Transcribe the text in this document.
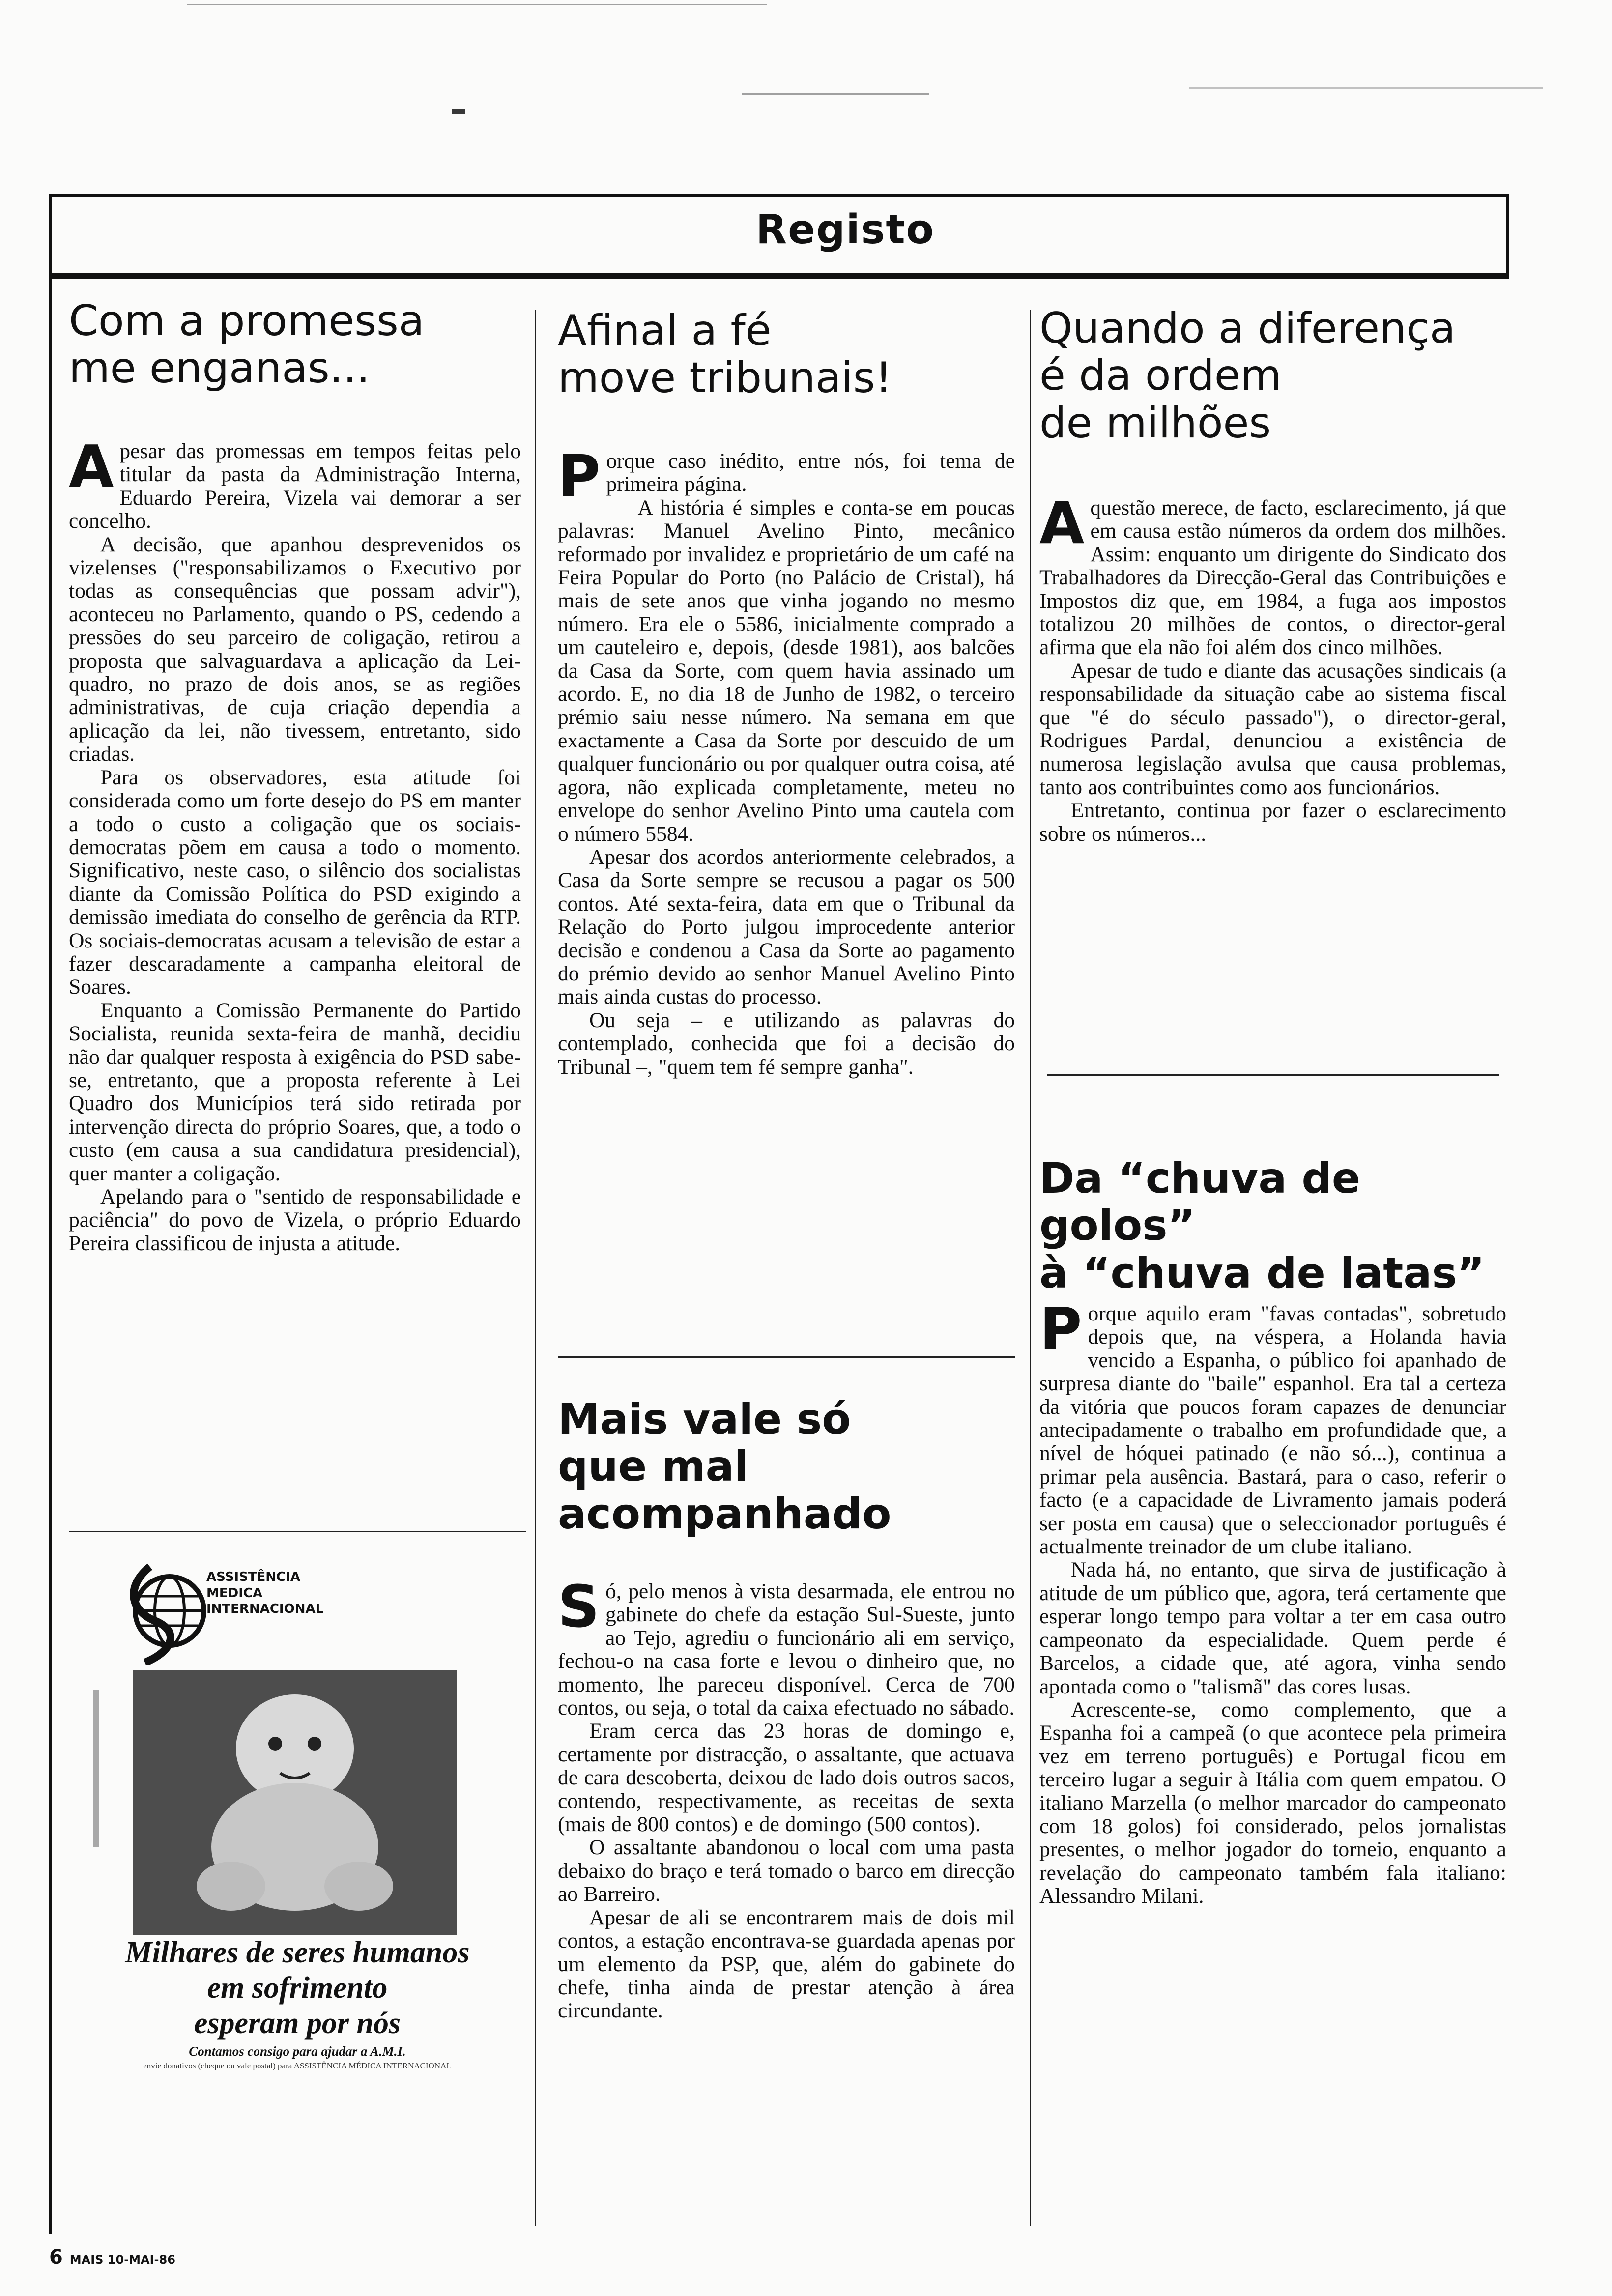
Registo
Com a promessa
me enganas...

Apesar das promessas em tempos feitas pelo titular da pasta da Administração Interna, Eduardo Pereira, Vizela vai demorar a ser concelho.

A decisão, que apanhou desprevenidos os vizelenses ("responsabilizamos o Executivo por todas as consequências que possam advir"), aconteceu no Parlamento, quando o PS, cedendo a pressões do seu parceiro de coligação, retirou a proposta que salvaguardava a aplicação da Lei-quadro, no prazo de dois anos, se as regiões administrativas, de cuja criação dependia a aplicação da lei, não tivessem, entretanto, sido criadas.

Para os observadores, esta atitude foi considerada como um forte desejo do PS em manter a todo o custo a coligação que os sociais-democratas põem em causa a todo o momento. Significativo, neste caso, o silêncio dos socialistas diante da Comissão Política do PSD exigindo a demissão imediata do conselho de gerência da RTP. Os sociais-democratas acusam a televisão de estar a fazer descaradamente a campanha eleitoral de Soares.

Enquanto a Comissão Permanente do Partido Socialista, reunida sexta-feira de manhã, decidiu não dar qualquer resposta à exigência do PSD sabe-se, entretanto, que a proposta referente à Lei Quadro dos Municípios terá sido retirada por intervenção directa do próprio Soares, que, a todo o custo (em causa a sua candidatura presidencial), quer manter a coligação.

Apelando para o "sentido de responsabilidade e paciência" do povo de Vizela, o próprio Eduardo Pereira classificou de injusta a atitude.

ASSISTÊNCIA
MEDICA
INTERNACIONAL
Milhares de seres humanos
em sofrimento
esperam por nós
Contamos consigo para ajudar a A.M.I.
envie donativos (cheque ou vale postal) para ASSISTÊNCIA MÉDICA INTERNACIONAL
Afinal a fé
move tribunais!

Porque caso inédito, entre nós, foi tema de primeira página.

A história é simples e conta-se em poucas palavras: Manuel Avelino Pinto, mecânico reformado por invalidez e proprietário de um café na Feira Popular do Porto (no Palácio de Cristal), há mais de sete anos que vinha jogando no mesmo número. Era ele o 5586, inicialmente comprado a um cauteleiro e, depois, (desde 1981), aos balcões da Casa da Sorte, com quem havia assinado um acordo. E, no dia 18 de Junho de 1982, o terceiro prémio saiu nesse número. Na semana em que exactamente a Casa da Sorte por descuido de um qualquer funcionário ou por qualquer outra coisa, até agora, não explicada completamente, meteu no envelope do senhor Avelino Pinto uma cautela com o número 5584.

Apesar dos acordos anteriormente celebrados, a Casa da Sorte sempre se recusou a pagar os 500 contos. Até sexta-feira, data em que o Tribunal da Relação do Porto julgou improcedente anterior decisão e condenou a Casa da Sorte ao pagamento do prémio devido ao senhor Manuel Avelino Pinto mais ainda custas do processo.

Ou seja – e utilizando as palavras do contemplado, conhecida que foi a decisão do Tribunal –, "quem tem fé sempre ganha".

Mais vale só
que mal
acompanhado

Só, pelo menos à vista desarmada, ele entrou no gabinete do chefe da estação Sul-Sueste, junto ao Tejo, agrediu o funcionário ali em serviço, fechou-o na casa forte e levou o dinheiro que, no momento, lhe pareceu disponível. Cerca de 700 contos, ou seja, o total da caixa efectuado no sábado.

Eram cerca das 23 horas de domingo e, certamente por distracção, o assaltante, que actuava de cara descoberta, deixou de lado dois outros sacos, contendo, respectivamente, as receitas de sexta (mais de 800 contos) e de domingo (500 contos).

O assaltante abandonou o local com uma pasta debaixo do braço e terá tomado o barco em direcção ao Barreiro.

Apesar de ali se encontrarem mais de dois mil contos, a estação encontrava-se guardada apenas por um elemento da PSP, que, além do gabinete do chefe, tinha ainda de prestar atenção à área circundante.

Quando a diferença
é da ordem
de milhões

Aquestão merece, de facto, esclarecimento, já que em causa estão números da ordem dos milhões. Assim: enquanto um dirigente do Sindicato dos Trabalhadores da Direcção-Geral das Contribuições e Impostos diz que, em 1984, a fuga aos impostos totalizou 20 milhões de contos, o director-geral afirma que ela não foi além dos cinco milhões.

Apesar de tudo e diante das acusações sindicais (a responsabilidade da situação cabe ao sistema fiscal que "é do século passado"), o director-geral, Rodrigues Pardal, denunciou a existência de numerosa legislação avulsa que causa problemas, tanto aos contribuintes como aos funcionários.

Entretanto, continua por fazer o esclarecimento sobre os números...

Da “chuva de golos”
à “chuva de latas”

Porque aquilo eram "favas contadas", sobretudo depois que, na véspera, a Holanda havia vencido a Espanha, o público foi apanhado de surpresa diante do "baile" espanhol. Era tal a certeza da vitória que poucos foram capazes de denunciar antecipadamente o trabalho em profundidade que, a nível de hóquei patinado (e não só...), continua a primar pela ausência. Bastará, para o caso, referir o facto (e a capacidade de Livramento jamais poderá ser posta em causa) que o seleccionador português é actualmente treinador de um clube italiano.

Nada há, no entanto, que sirva de justificação à atitude de um público que, agora, terá certamente que esperar longo tempo para voltar a ter em casa outro campeonato da especialidade. Quem perde é Barcelos, a cidade que, até agora, vinha sendo apontada como o "talismã" das cores lusas.

Acrescente-se, como complemento, que a Espanha foi a campeã (o que acontece pela primeira vez em terreno português) e Portugal ficou em terceiro lugar a seguir à Itália com quem empatou. O italiano Marzella (o melhor marcador do campeonato com 18 golos) foi considerado, pelos jornalistas presentes, o melhor jogador do torneio, enquanto a revelação do campeonato também fala italiano: Alessandro Milani.

6 MAIS 10-MAI-86
